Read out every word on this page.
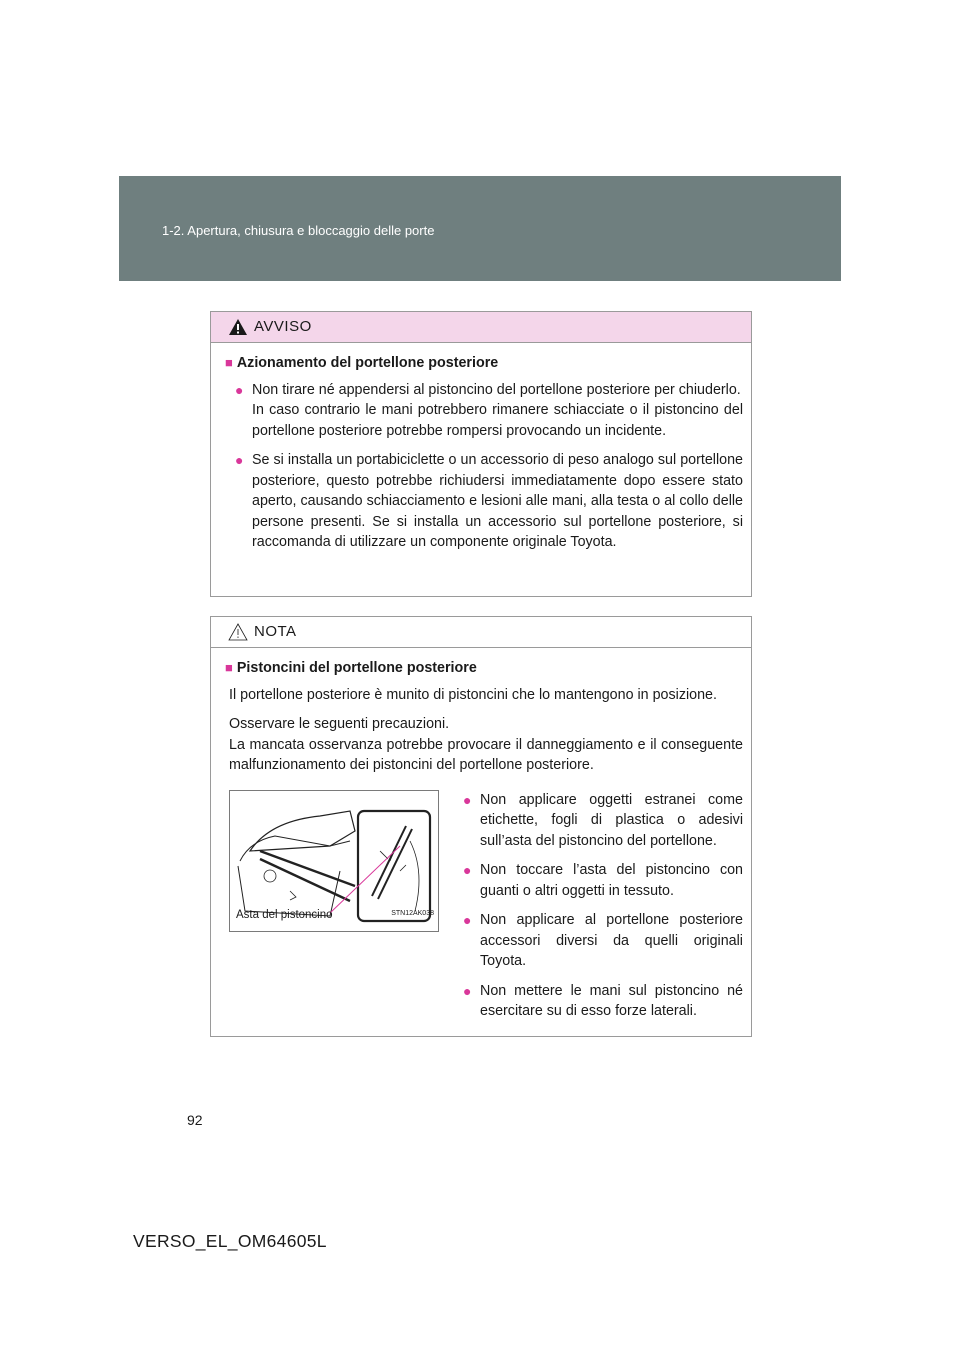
1-2. Apertura, chiusura e bloccaggio delle porte
AVVISO
■ Azionamento del portellone posteriore
● Non tirare né appendersi al pistoncino del portellone posteriore per chiuderlo.
In caso contrario le mani potrebbero rimanere schiacciate o il pistoncino del portellone posteriore potrebbe rompersi provocando un incidente.
● Se si installa un portabiciclette o un accessorio di peso analogo sul portellone posteriore, questo potrebbe richiudersi immediatamente dopo essere stato aperto, causando schiacciamento e lesioni alle mani, alla testa o al collo delle persone presenti. Se si installa un accessorio sul portellone posteriore, si raccomanda di utilizzare un componente originale Toyota.
NOTA
■ Pistoncini del portellone posteriore
Il portellone posteriore è munito di pistoncini che lo mantengono in posizione.
Osservare le seguenti precauzioni.
La mancata osservanza potrebbe provocare il danneggiamento e il conseguente malfunzionamento dei pistoncini del portellone posteriore.
Asta del pistoncino	STN12AK038
● Non applicare oggetti estranei come etichette, fogli di plastica o adesivi sull’asta del pistoncino del portellone.
● Non toccare l’asta del pistoncino con guanti o altri oggetti in tessuto.
● Non applicare al portellone posteriore accessori diversi da quelli originali Toyota.
● Non mettere le mani sul pistoncino né esercitare su di esso forze laterali.
92
VERSO_EL_OM64605L
